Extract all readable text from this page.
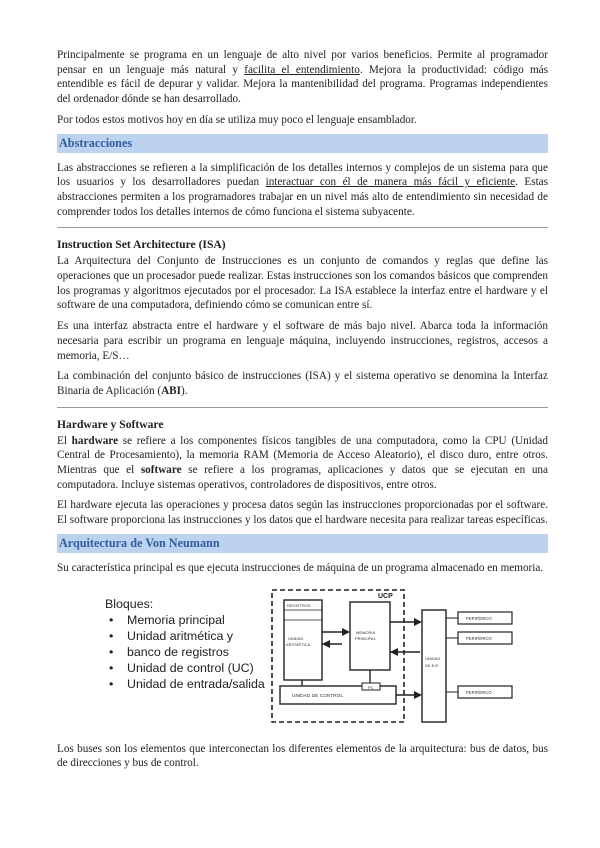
Principalmente se programa en un lenguaje de alto nivel por varios beneficios. Permite al programador pensar en un lenguaje más natural y facilita el entendimiento. Mejora la productividad: código más entendible es fácil de depurar y validar. Mejora la mantenibilidad del programa. Programas independientes del ordenador dónde se han desarrollado.

Por todos estos motivos hoy en día se utiliza muy poco el lenguaje ensamblador.

Abstracciones

Las abstracciones se refieren a la simplificación de los detalles internos y complejos de un sistema para que los usuarios y los desarrolladores puedan interactuar con él de manera más fácil y eficiente. Estas abstracciones permiten a los programadores trabajar en un nivel más alto de entendimiento sin necesidad de comprender todos los detalles internos de cómo funciona el sistema subyacente.

Instruction Set Architecture (ISA)

La Arquitectura del Conjunto de Instrucciones es un conjunto de comandos y reglas que define las operaciones que un procesador puede realizar. Estas instrucciones son los comandos básicos que comprenden los programas y algoritmos ejecutados por el procesador. La ISA establece la interfaz entre el hardware y el software de una computadora, definiendo cómo se comunican entre sí.

Es una interfaz abstracta entre el hardware y el software de más bajo nivel. Abarca toda la información necesaria para escribir un programa en lenguaje máquina, incluyendo instrucciones, registros, accesos a memoria, E/S…

La combinación del conjunto básico de instrucciones (ISA) y el sistema operativo se denomina la Interfaz Binaria de Aplicación (ABI).

Hardware y Software

El hardware se refiere a los componentes físicos tangibles de una computadora, como la CPU (Unidad Central de Procesamiento), la memoria RAM (Memoria de Acceso Aleatorio), el disco duro, entre otros. Mientras que el software se refiere a los programas, aplicaciones y datos que se ejecutan en una computadora. Incluye sistemas operativos, controladores de dispositivos, entre otros.

El hardware ejecuta las operaciones y procesa datos según las instrucciones proporcionadas por el software. El software proporciona las instrucciones y los datos que el hardware necesita para realizar tareas específicas.

Arquitectura de Von Neumann

Su característica principal es que ejecuta instrucciones de máquina de un programa almacenado en memoria.

Bloques:
• Memoria principal
• Unidad aritmética y
• banco de registros
• Unidad de control (UC)
• Unidad de entrada/salida
UCP
REGISTROS
UNIDAD
ARITMÉTICA
MEMORIA
PRINCIPAL
UNIDAD DE CONTROL
PC
UNIDAD
DE E/S
PERIFÉRICO
PERIFÉRICO
PERIFÉRICO

Los buses son los elementos que interconectan los diferentes elementos de la arquitectura: bus de datos, bus de direcciones y bus de control.
